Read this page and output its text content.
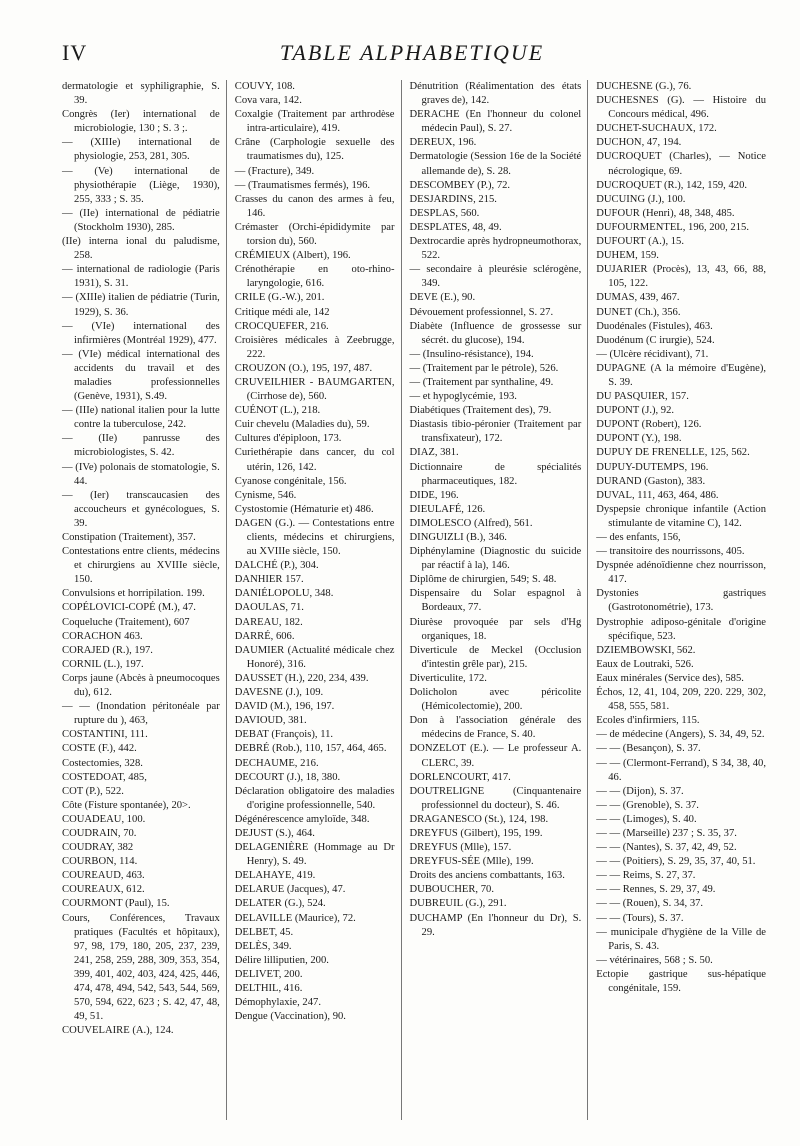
IV	TABLE ALPHABETIQUE

dermatologie et syphiligraphie, S. 39.

Congrès (Ier) international de microbiologie, 130 ; S. 3 ;.

— (XIIIe) international de physiologie, 253, 281, 305.

— (Ve) international de physiothérapie (Liège, 1930), 255, 333 ; S. 35.

— (IIe) international de pédiatrie (Stockholm 1930), 285.

(IIe) interna ional du paludisme, 258.

— international de radiologie (Paris 1931), S. 31.

— (XIIIe) italien de pédiatrie (Turin, 1929), S. 36.

— (VIe) international des infirmières (Montréal 1929), 477.

— (VIe) médical international des accidents du travail et des maladies professionnelles (Genève, 1931), S.49.

— (IIIe) national italien pour la lutte contre la tuberculose, 242.

— (IIe) panrusse des microbiologistes, S. 42.

— (IVe) polonais de stomatologie, S. 44.

— (Ier) transcaucasien des accoucheurs et gynécologues, S. 39.

Constipation (Traitement), 357.

Contestations entre clients, médecins et chirurgiens au XVIIIe siècle, 150.

Convulsions et horripilation. 199.

COPÉLOVICI-COPÉ (M.), 47.

Coqueluche (Traitement), 607

CORACHON 463.

CORAJED (R.), 197.

CORNIL (L.), 197.

Corps jaune (Abcès à pneumocoques du), 612.

— — (Inondation péritonéale par rupture du ), 463,

COSTANTINI, 111.

COSTE (F.), 442.

Costectomies, 328.

COSTEDOAT, 485,

COT (P.), 522.

Côte (Fisture spontanée), 20>.

COUADEAU, 100.

COUDRAIN, 70.

COUDRAY, 382

COURBON, 114.

COUREAUD, 463.

COUREAUX, 612.

COURMONT (Paul), 15.

Cours, Conférences, Travaux pratiques (Facultés et hôpitaux), 97, 98, 179, 180, 205, 237, 239, 241, 258, 259, 288, 309, 353, 354, 399, 401, 402, 403, 424, 425, 446, 474, 478, 494, 542, 543, 544, 569, 570, 594, 622, 623 ; S. 42, 47, 48, 49, 51.

COUVELAIRE (A.), 124.

COUVY, 108.

Cova vara, 142.

Coxalgie (Traitement par arthrodèse intra-articulaire), 419.

Crâne (Carphologie sexuelle des traumatismes du), 125.

— (Fracture), 349.

— (Traumatismes fermés), 196.

Crasses du canon des armes à feu, 146.

Crémaster (Orchi-épididymite par torsion du), 560.

CRÉMIEUX (Albert), 196.

Crénothérapie en oto-rhino-laryngologie, 616.

CRILE (G.-W.), 201.

Critique médi ale, 142

CROCQUEFER, 216.

Croisières médicales à Zeebrugge, 222.

CROUZON (O.), 195, 197, 487.

CRUVEILHIER - BAUMGARTEN, (Cirrhose de), 560.

CUÉNOT (L.), 218.

Cuir chevelu (Maladies du), 59.

Cultures d'épiploon, 173.

Curiethérapie dans cancer, du col utérin, 126, 142.

Cyanose congénitale, 156.

Cynisme, 546.

Cystostomie (Hématurie et) 486.

DAGEN (G.). — Contestations entre clients, médecins et chirurgiens, au XVIIIe siècle, 150.

DALCHÉ (P.), 304.

DANHIER 157.

DANIÉLOPOLU, 348.

DAOULAS, 71.

DAREAU, 182.

DARRÉ, 606.

DAUMIER (Actualité médicale chez Honoré), 316.

DAUSSET (H.), 220, 234, 439.

DAVESNE (J.), 109.

DAVID (M.), 196, 197.

DAVIOUD, 381.

DEBAT (François), 11.

DEBRÉ (Rob.), 110, 157, 464, 465.

DECHAUME, 216.

DECOURT (J.), 18, 380.

Déclaration obligatoire des maladies d'origine professionnelle, 540.

Dégénérescence amyloïde, 348.

DEJUST (S.), 464.

DELAGENIÈRE (Hommage au Dr Henry), S. 49.

DELAHAYE, 419.

DELARUE (Jacques), 47.

DELATER (G.), 524.

DELAVILLE (Maurice), 72.

DELBET, 45.

DELÈS, 349.

Délire lilliputien, 200.

DELIVET, 200.

DELTHIL, 416.

Démophylaxie, 247.

Dengue (Vaccination), 90.

Dénutrition (Réalimentation des états graves de), 142.

DERACHE (En l'honneur du colonel médecin Paul), S. 27.

DEREUX, 196.

Dermatologie (Session 16e de la Société allemande de), S. 28.

DESCOMBEY (P.), 72.

DESJARDINS, 215.

DESPLAS, 560.

DESPLATES, 48, 49.

Dextrocardie après hydropneumothorax, 522.

— secondaire à pleurésie sclérogène, 349.

DEVE (E.), 90.

Dévouement professionnel, S. 27.

Diabète (Influence de grossesse sur sécrét. du glucose), 194.

— (Insulino-résistance), 194.

— (Traitement par le pétrole), 526.

— (Traitement par synthaline, 49.

— et hypoglycémie, 193.

Diabétiques (Traitement des), 79.

Diastasis tibio-péronier (Traitement par transfixateur), 172.

DIAZ, 381.

Dictionnaire de spécialités pharmaceutiques, 182.

DIDE, 196.

DIEULAFÉ, 126.

DIMOLESCO (Alfred), 561.

DINGUIZLI (B.), 346.

Diphénylamine (Diagnostic du suicide par réactif à la), 146.

Diplôme de chirurgien, 549; S. 48.

Dispensaire du Solar espagnol à Bordeaux, 77.

Diurèse provoquée par sels d'Hg organiques, 18.

Diverticule de Meckel (Occlusion d'intestin grêle par), 215.

Diverticulite, 172.

Dolicholon avec péricolite (Hémicolectomie), 200.

Don à l'association générale des médecins de France, S. 40.

DONZELOT (E.). — Le professeur A. CLERC, 39.

DORLENCOURT, 417.

DOUTRELIGNE (Cinquantenaire professionnel du docteur), S. 46.

DRAGANESCO (St.), 124, 198.

DREYFUS (Gilbert), 195, 199.

DREYFUS (Mlle), 157.

DREYFUS-SÉE (Mlle), 199.

Droits des anciens combattants, 163.

DUBOUCHER, 70.

DUBREUIL (G.), 291.

DUCHAMP (En l'honneur du Dr), S. 29.

DUCHESNE (G.), 76.

DUCHESNES (G). — Histoire du Concours médical, 496.

DUCHET-SUCHAUX, 172.

DUCHON, 47, 194.

DUCROQUET (Charles), — Notice nécrologique, 69.

DUCROQUET (R.), 142, 159, 420.

DUCUING (J.), 100.

DUFOUR (Henri), 48, 348, 485.

DUFOURMENTEL, 196, 200, 215.

DUFOURT (A.), 15.

DUHEM, 159.

DUJARIER (Procès), 13, 43, 66, 88, 105, 122.

DUMAS, 439, 467.

DUNET (Ch.), 356.

Duodénales (Fistules), 463.

Duodénum (C irurgie), 524.

— (Ulcère récidivant), 71.

DUPAGNE (A la mémoire d'Eugène), S. 39.

DU PASQUIER, 157.

DUPONT (J.), 92.

DUPONT (Robert), 126.

DUPONT (Y.), 198.

DUPUY DE FRENELLE, 125, 562.

DUPUY-DUTEMPS, 196.

DURAND (Gaston), 383.

DUVAL, 111, 463, 464, 486.

Dyspepsie chronique infantile (Action stimulante de vitamine C), 142.

— des enfants, 156,

— transitoire des nourrissons, 405.

Dyspnée adénoïdienne chez nourrisson, 417.

Dystonies gastriques (Gastrotonométrie), 173.

Dystrophie adiposo-génitale d'origine spécifique, 523.

DZIEMBOWSKI, 562.

Eaux de Loutraki, 526.

Eaux minérales (Service des), 585.

Échos, 12, 41, 104, 209, 220. 229, 302, 458, 555, 581.

Ecoles d'infirmiers, 115.

— de médecine (Angers), S. 34, 49, 52.

— — (Besançon), S. 37.

— — (Clermont-Ferrand), S 34, 38, 40, 46.

— — (Dijon), S. 37.

— — (Grenoble), S. 37.

— — (Limoges), S. 40.

— — (Marseille) 237 ; S. 35, 37.

— — (Nantes), S. 37, 42, 49, 52.

— — (Poitiers), S. 29, 35, 37, 40, 51.

— — Reims, S. 27, 37.

— — Rennes, S. 29, 37, 49.

— — (Rouen), S. 34, 37.

— — (Tours), S. 37.

— municipale d'hygiène de la Ville de Paris, S. 43.

— vétérinaires, 568 ; S. 50.

Ectopie gastrique sus-hépatique congénitale, 159.
